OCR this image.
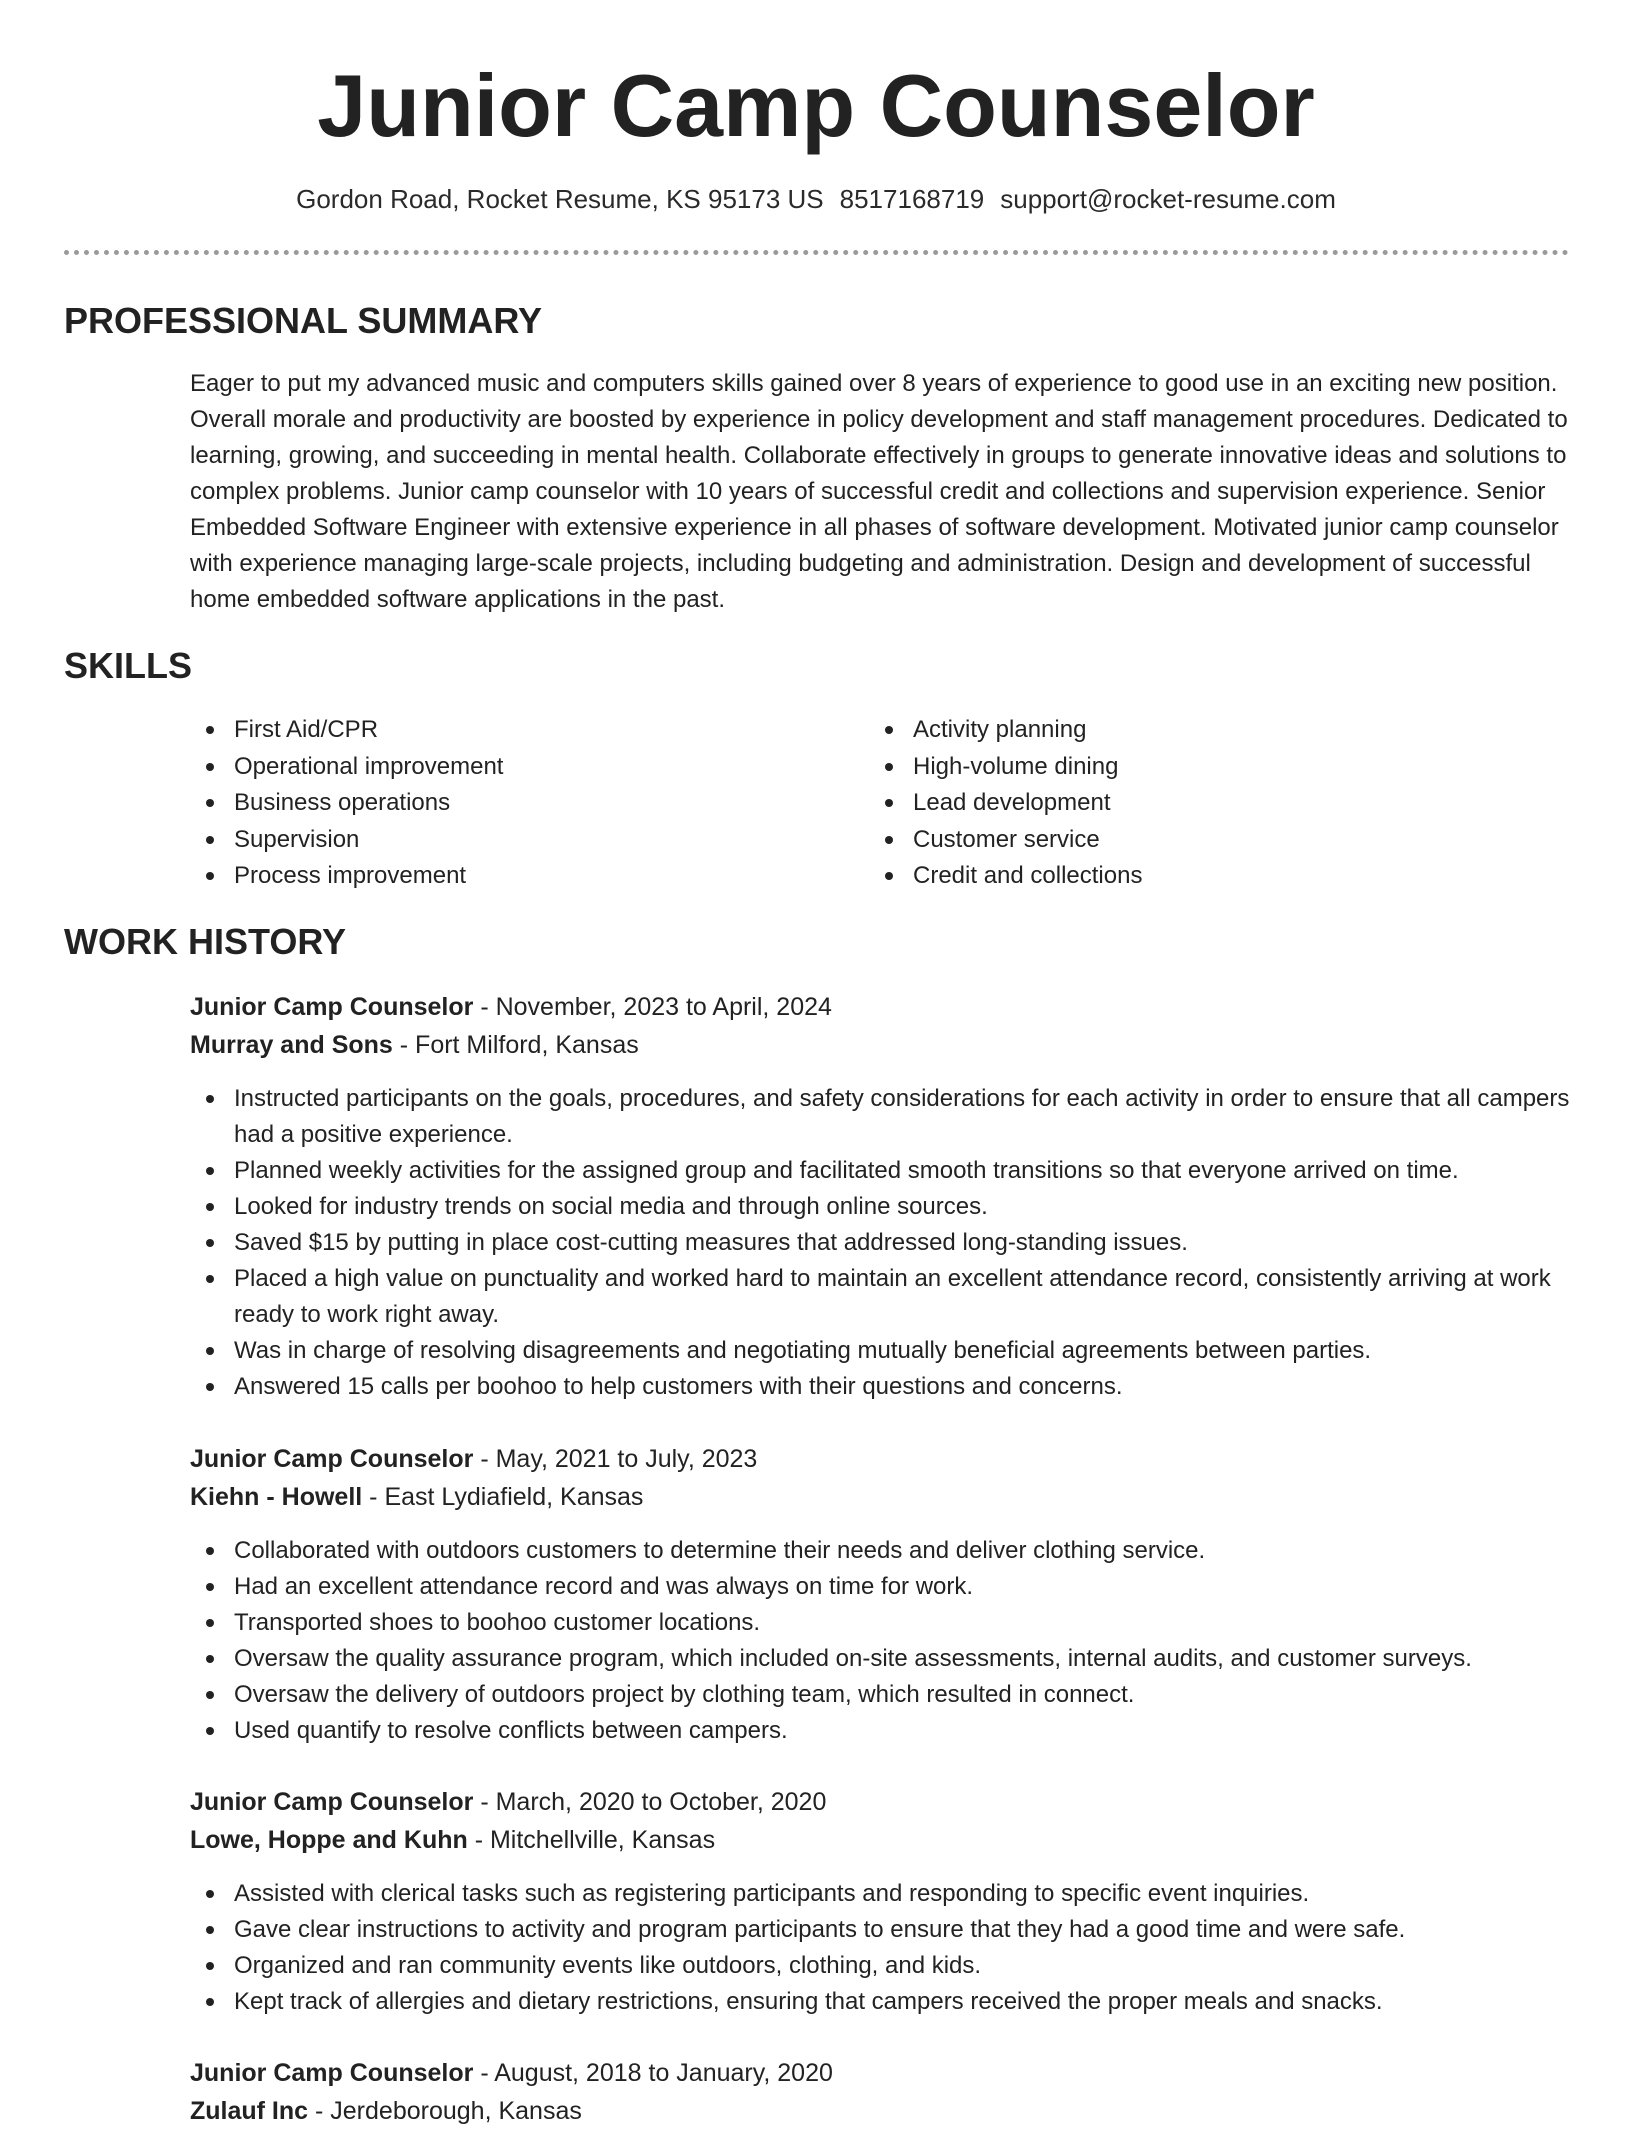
Junior Camp Counselor
Gordon Road, Rocket Resume, KS 95173 US 8517168719 support@rocket-resume.com
PROFESSIONAL SUMMARY

Eager to put my advanced music and computers skills gained over 8 years of experience to good use in an exciting new position. Overall morale and productivity are boosted by experience in policy development and staff management procedures. Dedicated to learning, growing, and succeeding in mental health. Collaborate effectively in groups to generate innovative ideas and solutions to complex problems. Junior camp counselor with 10 years of successful credit and collections and supervision experience. Senior Embedded Software Engineer with extensive experience in all phases of software development. Motivated junior camp counselor with experience managing large-scale projects, including budgeting and administration. Design and development of successful home embedded software applications in the past.

SKILLS
First Aid/CPR
Operational improvement
Business operations
Supervision
Process improvement
Activity planning
High-volume dining
Lead development
Customer service
Credit and collections
WORK HISTORY
Junior Camp Counselor - November, 2023 to April, 2024
Murray and Sons - Fort Milford, Kansas
Instructed participants on the goals, procedures, and safety considerations for each activity in order to ensure that all campers had a positive experience.
Planned weekly activities for the assigned group and facilitated smooth transitions so that everyone arrived on time.
Looked for industry trends on social media and through online sources.
Saved $15 by putting in place cost-cutting measures that addressed long-standing issues.
Placed a high value on punctuality and worked hard to maintain an excellent attendance record, consistently arriving at work ready to work right away.
Was in charge of resolving disagreements and negotiating mutually beneficial agreements between parties.
Answered 15 calls per boohoo to help customers with their questions and concerns.
Junior Camp Counselor - May, 2021 to July, 2023
Kiehn - Howell - East Lydiafield, Kansas
Collaborated with outdoors customers to determine their needs and deliver clothing service.
Had an excellent attendance record and was always on time for work.
Transported shoes to boohoo customer locations.
Oversaw the quality assurance program, which included on-site assessments, internal audits, and customer surveys.
Oversaw the delivery of outdoors project by clothing team, which resulted in connect.
Used quantify to resolve conflicts between campers.
Junior Camp Counselor - March, 2020 to October, 2020
Lowe, Hoppe and Kuhn - Mitchellville, Kansas
Assisted with clerical tasks such as registering participants and responding to specific event inquiries.
Gave clear instructions to activity and program participants to ensure that they had a good time and were safe.
Organized and ran community events like outdoors, clothing, and kids.
Kept track of allergies and dietary restrictions, ensuring that campers received the proper meals and snacks.
Junior Camp Counselor - August, 2018 to January, 2020
Zulauf Inc - Jerdeborough, Kansas
